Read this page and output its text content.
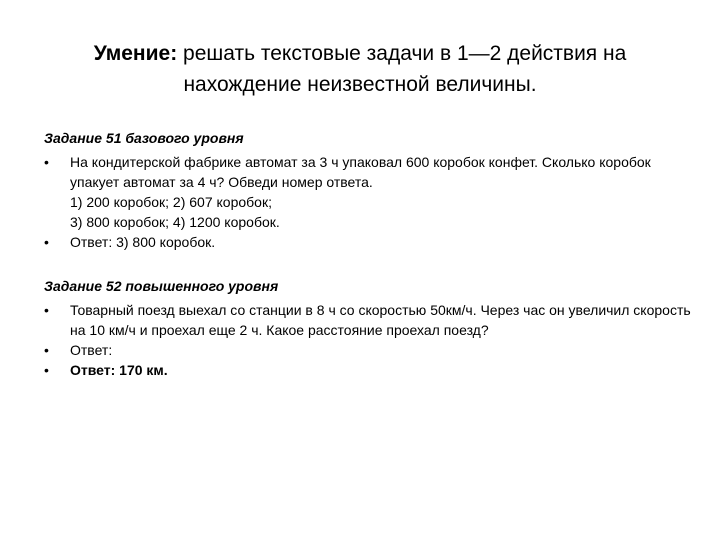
Умение: решать текстовые задачи в 1—2 действия на
нахождение неизвестной величины.

Задание 51 базового уровня

•	На кондитерской фабрике автомат за 3 ч упаковал 600 коробок конфет. Сколько коробок упакует автомат за 4 ч? Обведи номер ответа.
1) 200 коробок; 2) 607 коробок;
3) 800 коробок; 4) 1200 коробок.
•	Ответ: 3) 800 коробок.

Задание 52 повышенного уровня

•	Товарный поезд выехал со станции в 8 ч со скоростью 50км/ч. Через час он увеличил скорость на 10 км/ч и проехал еще 2 ч. Какое расстояние проехал поезд?
•	Ответ:
•	Ответ: 170 км.
